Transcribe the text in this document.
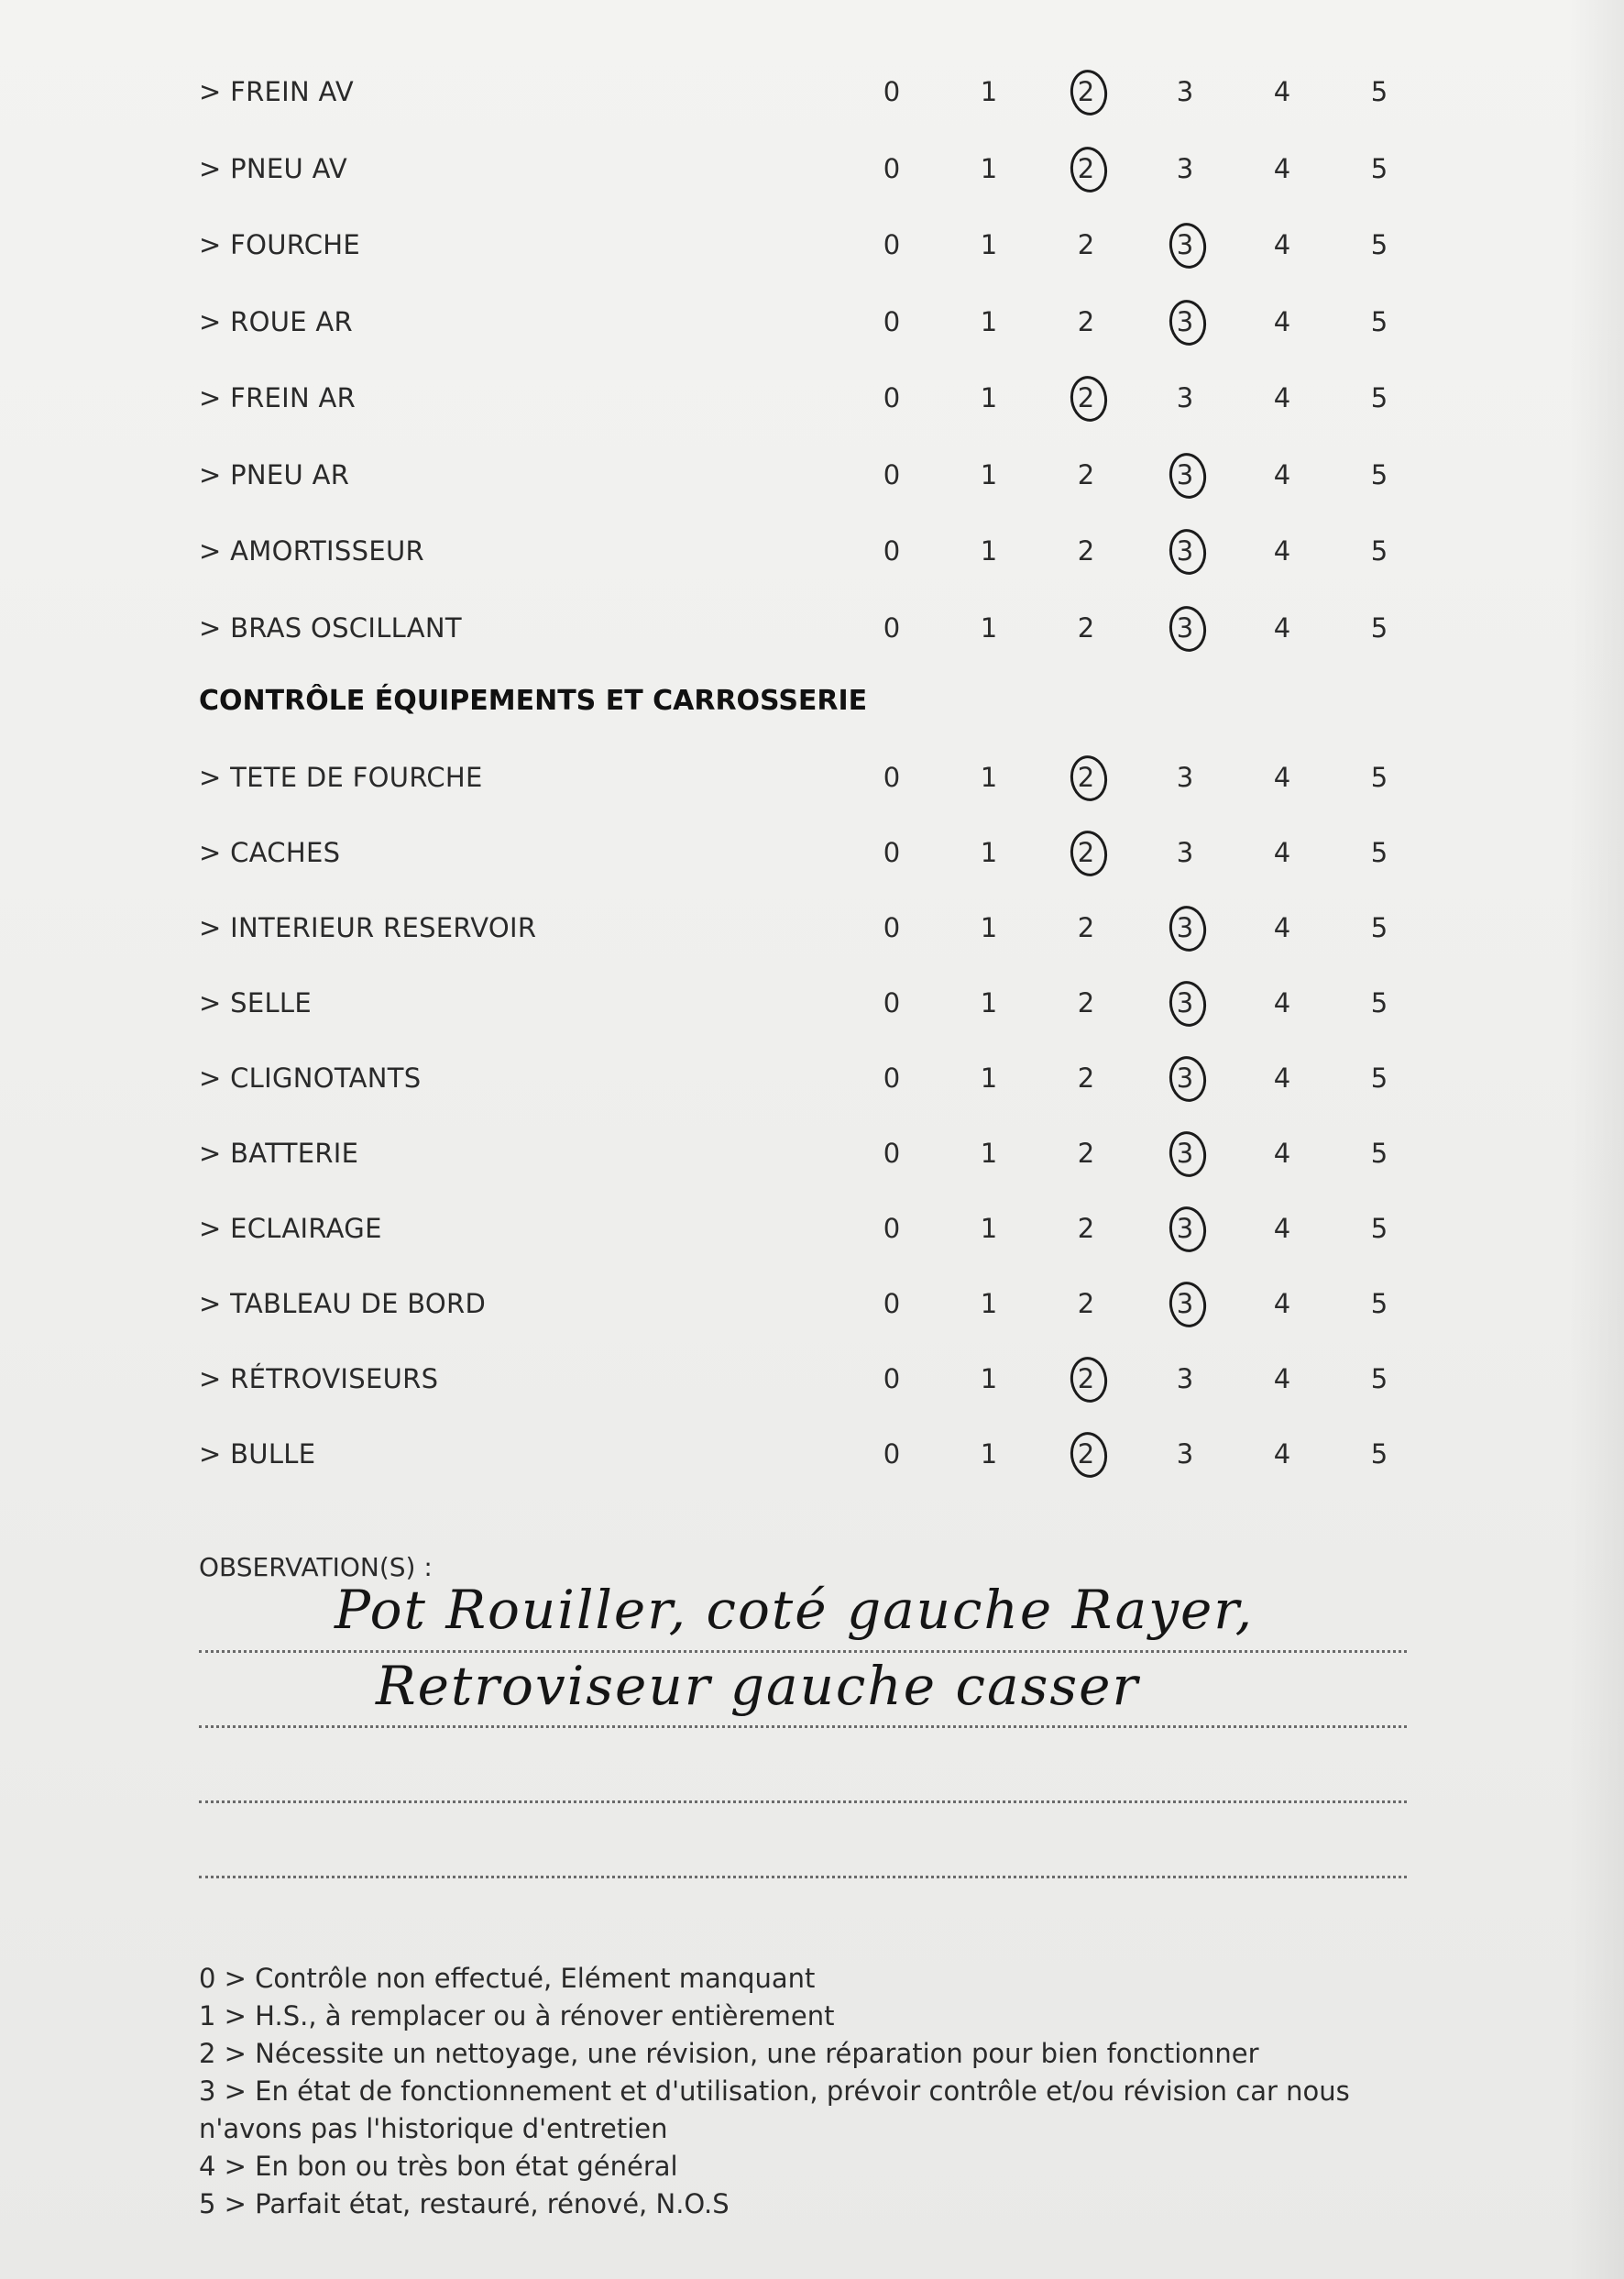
> FREIN AV	0	1	2	3	4	5
> PNEU AV	0	1	2	3	4	5
> FOURCHE	0	1	2	3	4	5
> ROUE AR	0	1	2	3	4	5
> FREIN AR	0	1	2	3	4	5
> PNEU AR	0	1	2	3	4	5
> AMORTISSEUR	0	1	2	3	4	5
> BRAS OSCILLANT	0	1	2	3	4	5
CONTRÔLE ÉQUIPEMENTS ET CARROSSERIE
> TETE DE FOURCHE	0	1	2	3	4	5
> CACHES	0	1	2	3	4	5
> INTERIEUR RESERVOIR	0	1	2	3	4	5
> SELLE	0	1	2	3	4	5
> CLIGNOTANTS	0	1	2	3	4	5
> BATTERIE	0	1	2	3	4	5
> ECLAIRAGE	0	1	2	3	4	5
> TABLEAU DE BORD	0	1	2	3	4	5
> RÉTROVISEURS	0	1	2	3	4	5
> BULLE	0	1	2	3	4	5
OBSERVATION(S) :
Pot Rouiller, coté gauche Rayer,
Retroviseur gauche casser
0 > Contrôle non effectué, Elément manquant
1 > H.S., à remplacer ou à rénover entièrement
2 > Nécessite un nettoyage, une révision, une réparation pour bien fonctionner
3 > En état de fonctionnement et d'utilisation, prévoir contrôle et/ou révision car nous n'avons pas l'historique d'entretien
4 > En bon ou très bon état général
5 > Parfait état, restauré, rénové, N.O.S
